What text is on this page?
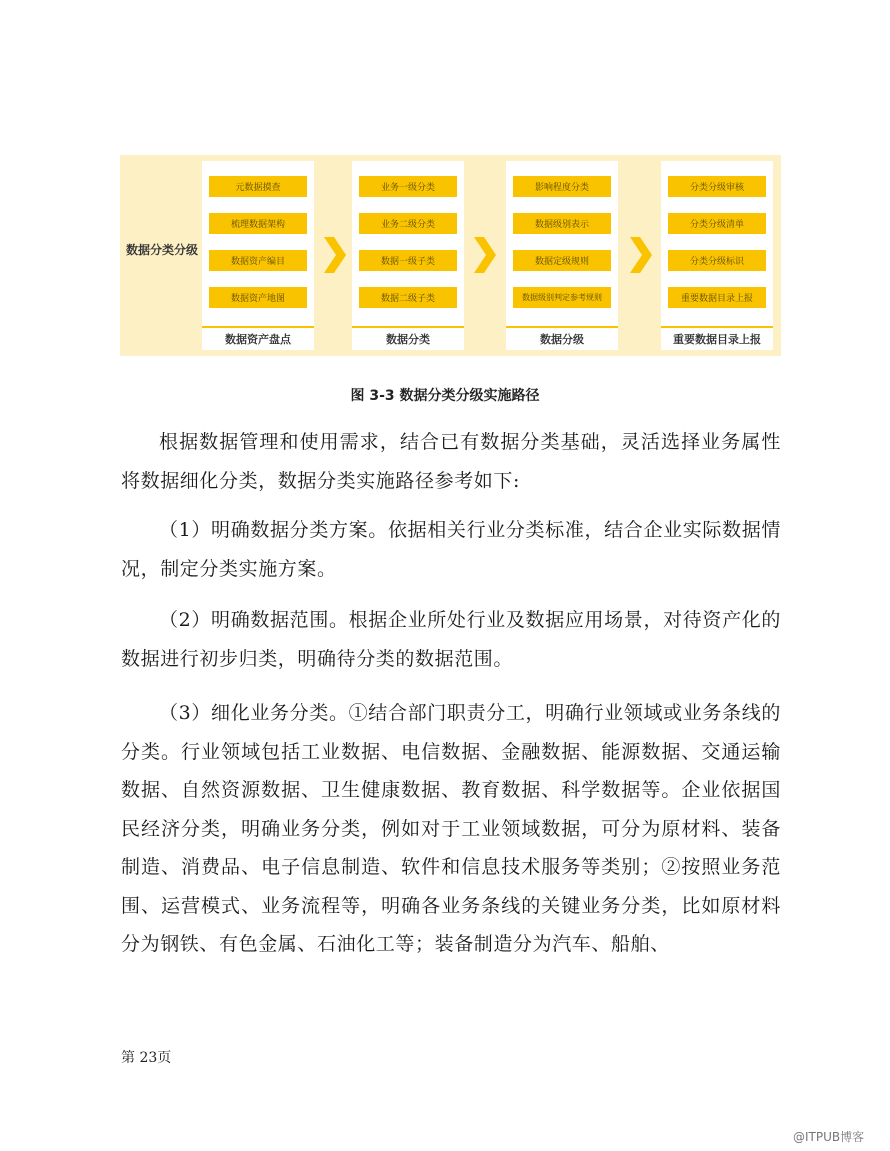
数据分类分级
元数据摸查
梳理数据架构
数据资产编目
数据资产地图
数据资产盘点
业务一级分类
业务二级分类
数据一级子类
数据二级子类
数据分类
影响程度分类
数据级别表示
数据定级规则
数据级别判定参考规则
数据分级
分类分级审核
分类分级清单
分类分级标识
重要数据目录上报
重要数据目录上报
图 3-3 数据分类分级实施路径

根据数据管理和使用需求，结合已有数据分类基础，灵活选择业务属性将数据细化分类，数据分类实施路径参考如下:

（1）明确数据分类方案。依据相关行业分类标准，结合企业实际数据情况，制定分类实施方案。

（2）明确数据范围。根据企业所处行业及数据应用场景，对待资产化的数据进行初步归类，明确待分类的数据范围。

（3）细化业务分类。①结合部门职责分工，明确行业领域或业务条线的分类。行业领域包括工业数据、电信数据、金融数据、能源数据、交通运输数据、自然资源数据、卫生健康数据、教育数据、科学数据等。企业依据国民经济分类，明确业务分类，例如对于工业领域数据，可分为原材料、装备制造、消费品、电子信息制造、软件和信息技术服务等类别；②按照业务范围、运营模式、业务流程等，明确各业务条线的关键业务分类，比如原材料分为钢铁、有色金属、石油化工等；装备制造分为汽车、船舶、

第 23页
@ITPUB博客
